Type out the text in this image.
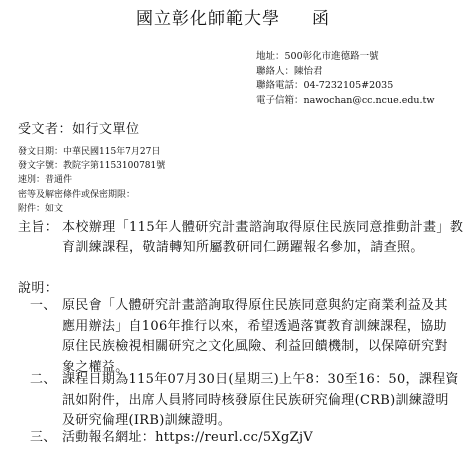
國立彰化師範大學 函
地址：500彰化市進德路一號
聯絡人：陳怡君
聯絡電話：04-7232105#2035
電子信箱：nawochan@cc.ncue.edu.tw
受文者：如行文單位
發文日期：中華民國115年7月27日
發文字號：教院字第1153100781號
速別：普通件
密等及解密條件或保密期限：
附件：如文
主旨： 本校辦理「115年人體研究計畫諮詢取得原住民族同意推動計畫」教育訓練課程，敬請轉知所屬教研同仁踴躍報名參加，請查照。
說明：
一、 原民會「人體研究計畫諮詢取得原住民族同意與約定商業利益及其應用辦法」自106年推行以來，希望透過落實教育訓練課程，協助原住民族檢視相關研究之文化風險、利益回饋機制，以保障研究對象之權益。
二、 課程日期為115年07月30日(星期三)上午8：30至16：50，課程資訊如附件，出席人員將同時核發原住民族研究倫理(CRB)訓練證明及研究倫理(IRB)訓練證明。
三、 活動報名網址：https://reurl.cc/5XgZjV
